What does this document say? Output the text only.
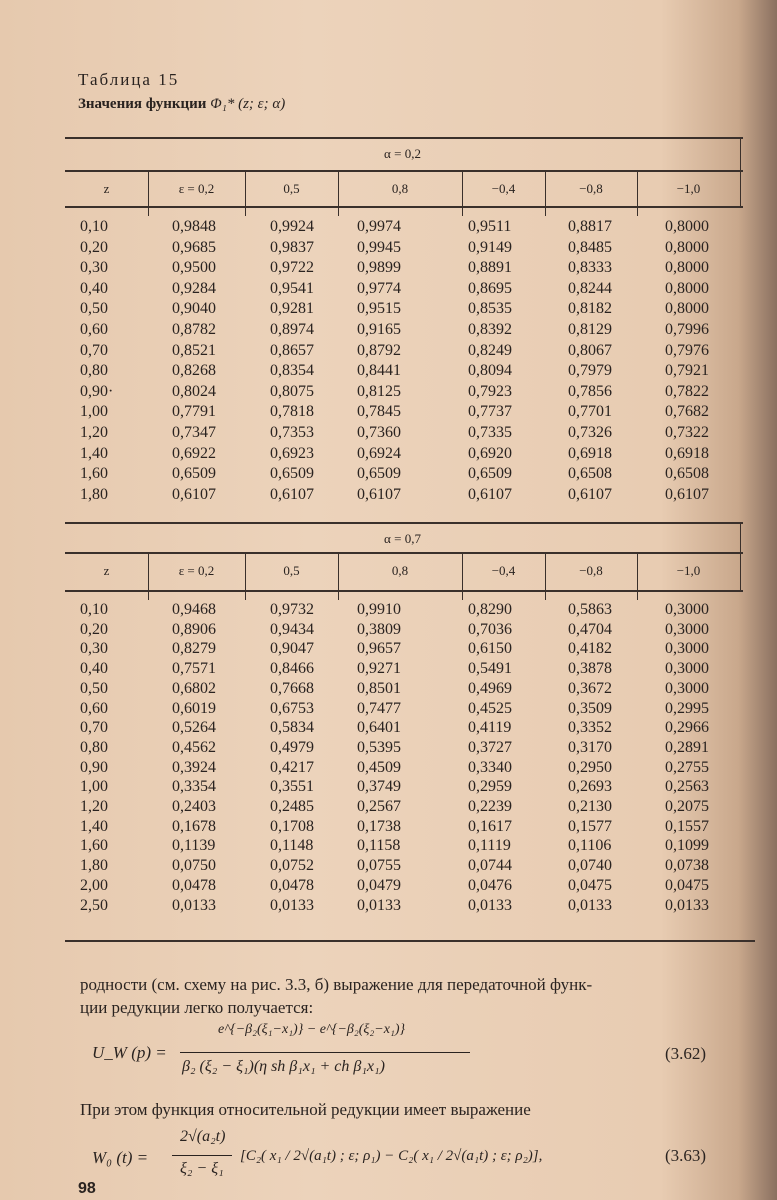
Таблица 15
Значения функции Φ₁* (z; ε; α)
α = 0,2
z	ε = 0,2	0,5	0,8	−0,4	−0,8	−1,0
0,10	0,9848	0,9924	0,9974	0,9511	0,8817	0,8000
0,20	0,9685	0,9837	0,9945	0,9149	0,8485	0,8000
0,30	0,9500	0,9722	0,9899	0,8891	0,8333	0,8000
0,40	0,9284	0,9541	0,9774	0,8695	0,8244	0,8000
0,50	0,9040	0,9281	0,9515	0,8535	0,8182	0,8000
0,60	0,8782	0,8974	0,9165	0,8392	0,8129	0,7996
0,70	0,8521	0,8657	0,8792	0,8249	0,8067	0,7976
0,80	0,8268	0,8354	0,8441	0,8094	0,7979	0,7921
0,90·	0,8024	0,8075	0,8125	0,7923	0,7856	0,7822
1,00	0,7791	0,7818	0,7845	0,7737	0,7701	0,7682
1,20	0,7347	0,7353	0,7360	0,7335	0,7326	0,7322
1,40	0,6922	0,6923	0,6924	0,6920	0,6918	0,6918
1,60	0,6509	0,6509	0,6509	0,6509	0,6508	0,6508
1,80	0,6107	0,6107	0,6107	0,6107	0,6107	0,6107
α = 0,7
z	ε = 0,2	0,5	0,8	−0,4	−0,8	−1,0
0,10	0,9468	0,9732	0,9910	0,8290	0,5863	0,3000
0,20	0,8906	0,9434	0,3809	0,7036	0,4704	0,3000
0,30	0,8279	0,9047	0,9657	0,6150	0,4182	0,3000
0,40	0,7571	0,8466	0,9271	0,5491	0,3878	0,3000
0,50	0,6802	0,7668	0,8501	0,4969	0,3672	0,3000
0,60	0,6019	0,6753	0,7477	0,4525	0,3509	0,2995
0,70	0,5264	0,5834	0,6401	0,4119	0,3352	0,2966
0,80	0,4562	0,4979	0,5395	0,3727	0,3170	0,2891
0,90	0,3924	0,4217	0,4509	0,3340	0,2950	0,2755
1,00	0,3354	0,3551	0,3749	0,2959	0,2693	0,2563
1,20	0,2403	0,2485	0,2567	0,2239	0,2130	0,2075
1,40	0,1678	0,1708	0,1738	0,1617	0,1577	0,1557
1,60	0,1139	0,1148	0,1158	0,1119	0,1106	0,1099
1,80	0,0750	0,0752	0,0755	0,0744	0,0740	0,0738
2,00	0,0478	0,0478	0,0479	0,0476	0,0475	0,0475
2,50	0,0133	0,0133	0,0133	0,0133	0,0133	0,0133
родности (см. схему на рис. 3.3, б) выражение для передаточной функ-
ции редукции легко получается:
U_W (p) =
e^{−β₂(ξ₁−x₁)} − e^{−β₂(ξ₂−x₁)}
β₂ (ξ₂ − ξ₁)(η sh β₁x₁ + ch β₁x₁)
(3.62)
При этом функция относительной редукции имеет выражение
W₀ (t) =
2√(a₂t)
ξ₂ − ξ₁
[C₂( x₁ / 2√(a₁t) ; ε; ρ₁) − C₂( x₁ / 2√(a₁t) ; ε; ρ₂)],	(3.63)
98
